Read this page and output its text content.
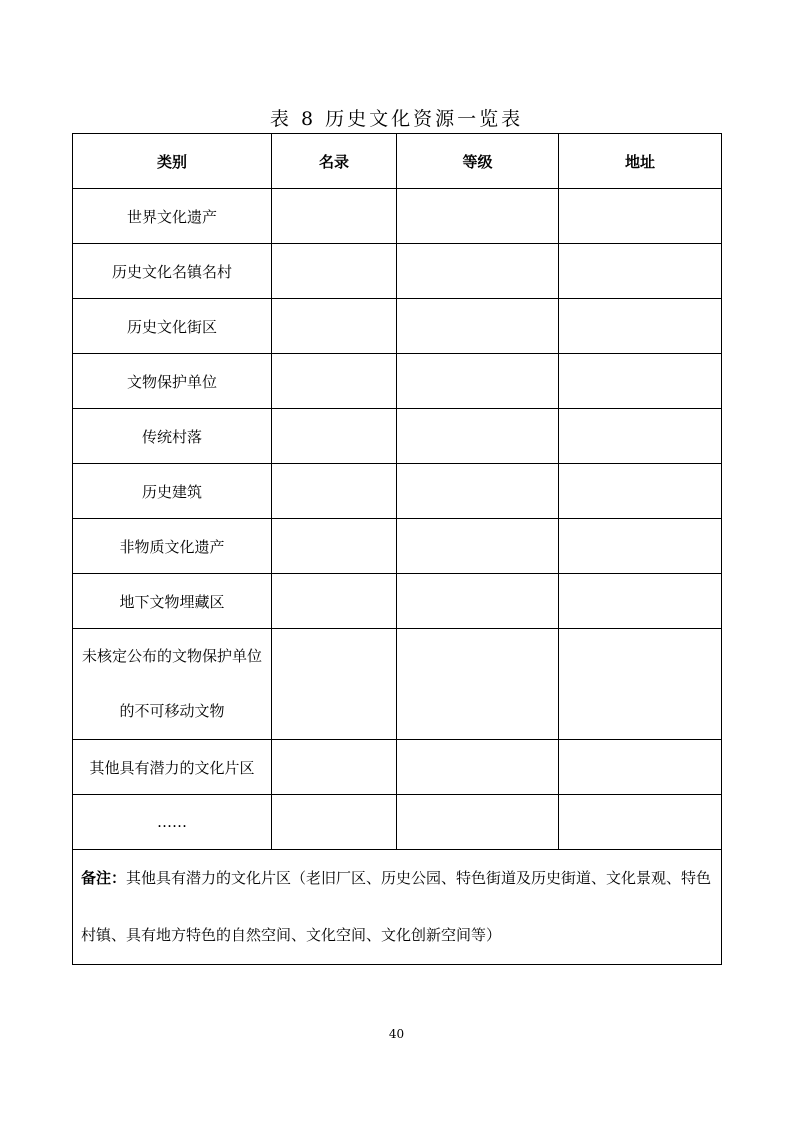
表 8 历史文化资源一览表
类别	名录	等级	地址
世界文化遗产			
历史文化名镇名村			
历史文化街区			
文物保护单位			
传统村落			
历史建筑			
非物质文化遗产			
地下文物埋藏区			
未核定公布的文物保护单位的不可移动文物			
其他具有潜力的文化片区			
……			
备注：其他具有潜力的文化片区（老旧厂区、历史公园、特色街道及历史街道、文化景观、特色村镇、具有地方特色的自然空间、文化空间、文化创新空间等）			
40
